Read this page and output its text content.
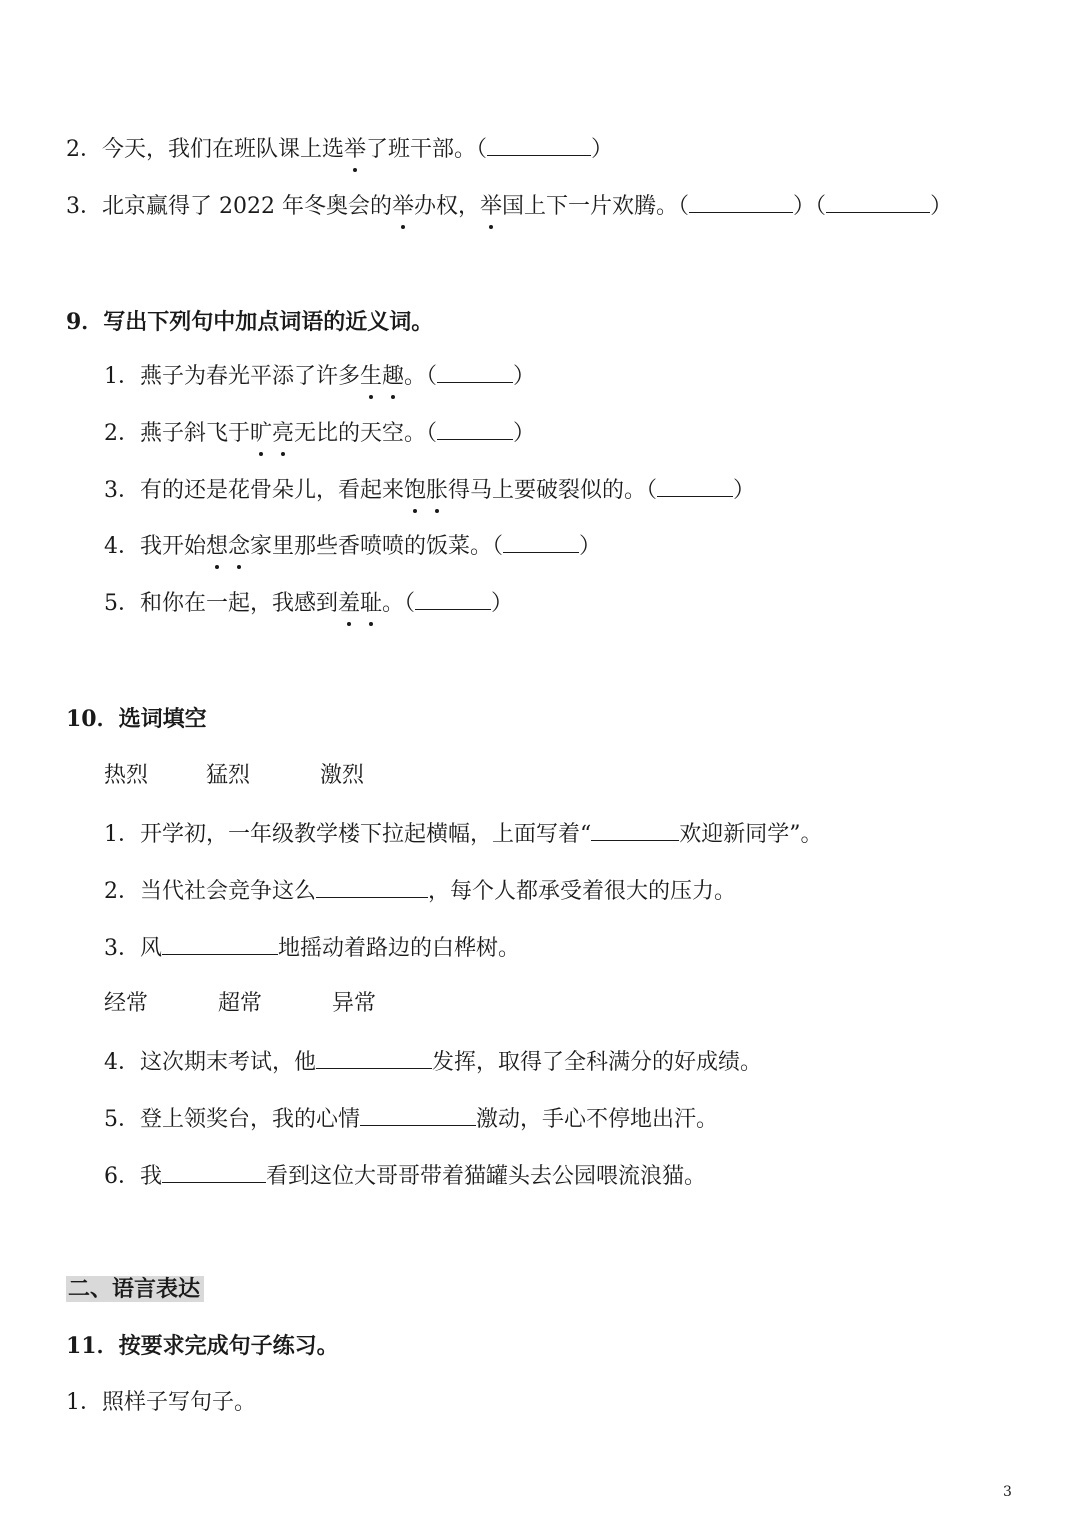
2．今天，我们在班队课上选举了班干部。（	）
3．北京赢得了 2022 年冬奥会的举办权，举国上下一片欢腾。（	）（	）
9．写出下列句中加点词语的近义词。
1．燕子为春光平添了许多生趣。（	）
2．燕子斜飞于旷亮无比的天空。（	）
3．有的还是花骨朵儿，看起来饱胀得马上要破裂似的。（	）
4．我开始想念家里那些香喷喷的饭菜。（	）
5．和你在一起，我感到羞耻。（	）
10．选词填空
热烈	猛烈	激烈
1．开学初，一年级教学楼下拉起横幅，上面写着“	欢迎新同学”。
2．当代社会竞争这么	，每个人都承受着很大的压力。
3．风	地摇动着路边的白桦树。
经常	超常	异常
4．这次期末考试，他	发挥，取得了全科满分的好成绩。
5．登上领奖台，我的心情	激动，手心不停地出汗。
6．我	看到这位大哥哥带着猫罐头去公园喂流浪猫。
二、语言表达
11．按要求完成句子练习。
1．照样子写句子。
3
